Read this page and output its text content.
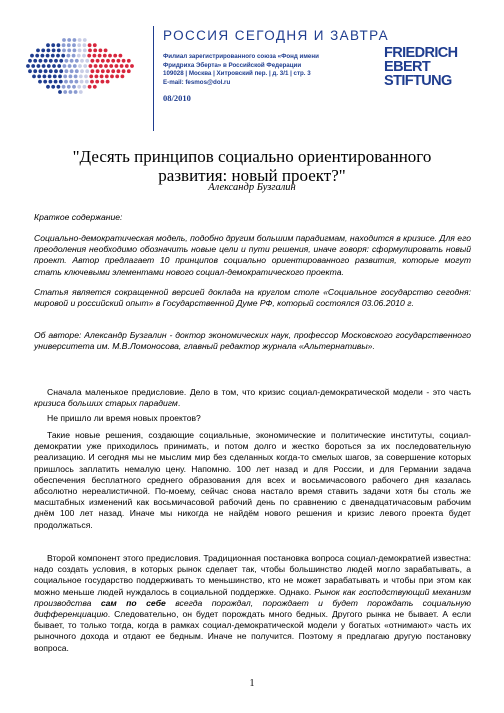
РОССИЯ СЕГОДНЯ И ЗАВТРА
Филиал зарегистрированного союза «Фонд имени
Фридриха Эберта» в Российской Федерации
109028 | Москва | Хитровский пер. | д. 3/1 | стр. 3
E-mail: fesmos@dol.ru
08/2010
FRIEDRICH
EBERT
STIFTUNG
"Десять принципов социально ориентированного
развития: новый проект?"
Александр Бузгалин
Краткое содержание:
Социально-демократическая модель, подобно другим большим парадигмам, находится в кризисе. Для его преодоления необходимо обозначить новые цели и пути решения, иначе говоря: сформулировать новый проект. Автор предлагает 10 принципов социально ориентированного развития, которые могут стать ключевыми элементами нового социал-демократического проекта.
Статья является сокращенной версией доклада на круглом столе «Социальное государство сегодня: мировой и российский опыт» в Государственной Думе РФ, который состоялся 03.06.2010 г.
Об авторе: Александр Бузгалин - доктор экономических наук, профессор Московского государственного университета им. М.В.Ломоносова, главный редактор журнала «Альтернативы».
Сначала маленькое предисловие. Дело в том, что кризис социал-демократической модели - это часть кризиса больших старых парадигм.
Не пришло ли время новых проектов?
Такие новые решения, создающие социальные, экономические и политические институты, социал-демократии уже приходилось принимать, и потом долго и жестко бороться за их последовательную реализацию. И сегодня мы не мыслим мир без сделанных когда-то смелых шагов, за совершение которых пришлось заплатить немалую цену. Напомню. 100 лет назад и для России, и для Германии задача обеспечения бесплатного среднего образования для всех и восьмичасового рабочего дня казалась абсолютно нереалистичной. По-моему, сейчас снова настало время ставить задачи хотя бы столь же масштабных изменений как восьмичасовой рабочий день по сравнению с двенадцатичасовым рабочим днём 100 лет назад. Иначе мы никогда не найдём нового решения и кризис левого проекта будет продолжаться.
Второй компонент этого предисловия. Традиционная постановка вопроса социал-демократией известна: надо создать условия, в которых рынок сделает так, чтобы большинство людей могло зарабатывать, а социальное государство поддерживать то меньшинство, кто не может зарабатывать и чтобы при этом как можно меньше людей нуждалось в социальной поддержке. Однако. Рынок как господствующий механизм производства сам по себе всегда порождал, порождает и будет порождать социальную дифференциацию. Следовательно, он будет порождать много бедных. Другого рынка не бывает. А если бывает, то только тогда, когда в рамках социал-демократической модели у богатых «отнимают» часть их рыночного дохода и отдают ее бедным. Иначе не получится. Поэтому я предлагаю другую постановку вопроса.
1
